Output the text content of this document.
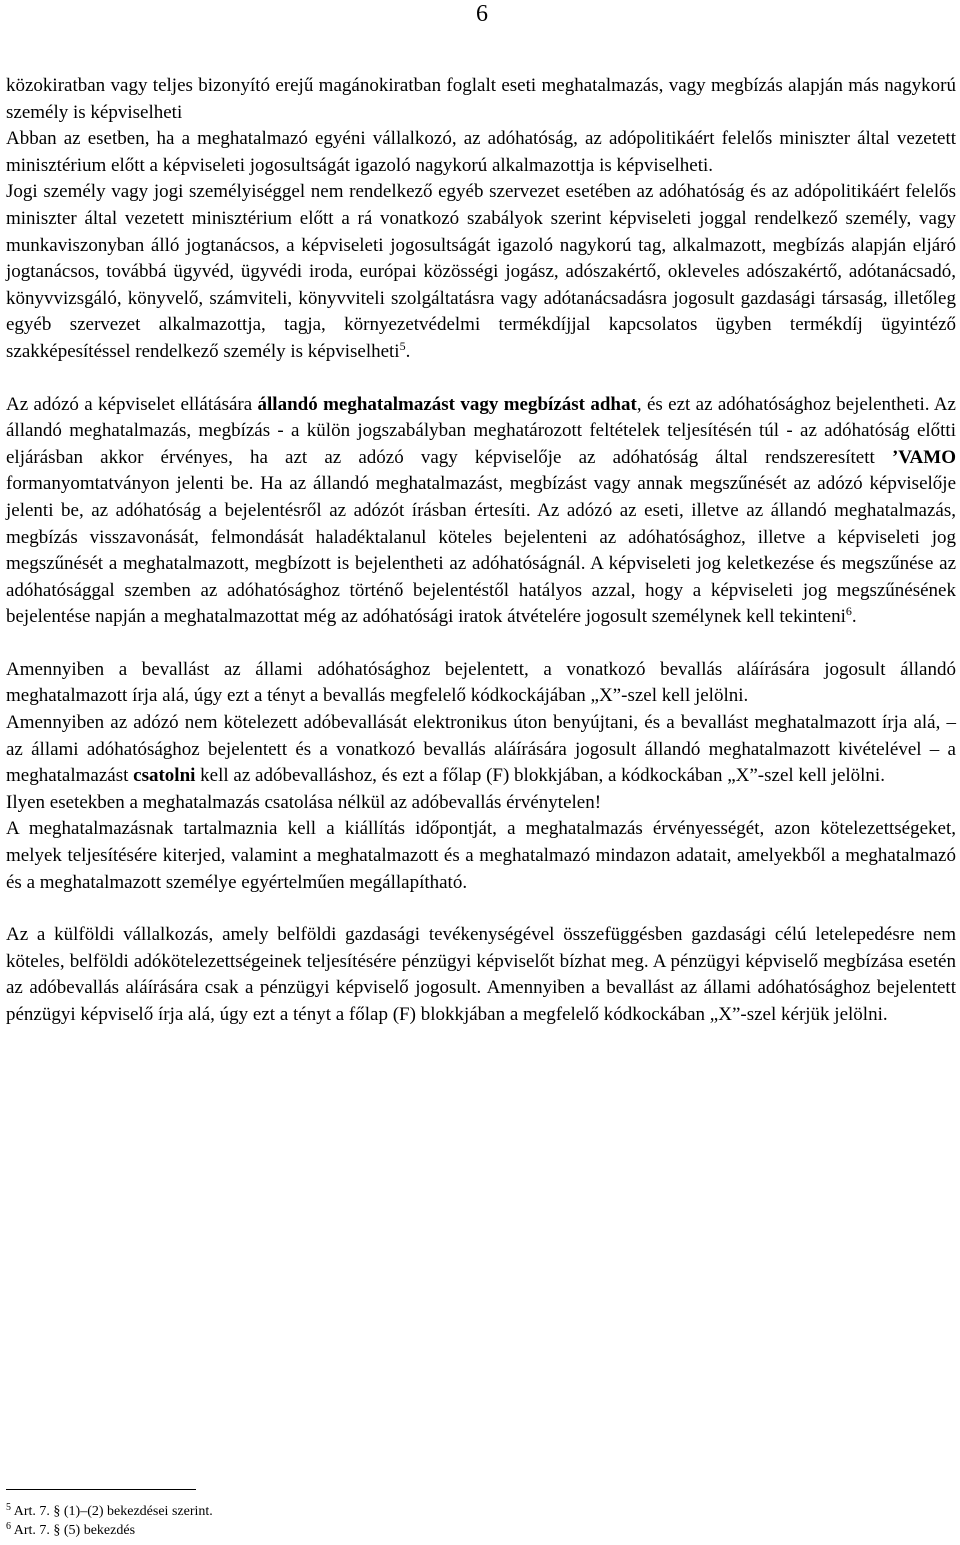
6

közokiratban vagy teljes bizonyító erejű magánokiratban foglalt eseti meghatalmazás, vagy megbízás alapján más nagykorú személy is képviselheti

Abban az esetben, ha a meghatalmazó egyéni vállalkozó, az adóhatóság, az adópolitikáért felelős miniszter által vezetett minisztérium előtt a képviseleti jogosultságát igazoló nagykorú alkalmazottja is képviselheti.

Jogi személy vagy jogi személyiséggel nem rendelkező egyéb szervezet esetében az adóhatóság és az adópolitikáért felelős miniszter által vezetett minisztérium előtt a rá vonatkozó szabályok szerint képviseleti joggal rendelkező személy, vagy munkaviszonyban álló jogtanácsos, a képviseleti jogosultságát igazoló nagykorú tag, alkalmazott, megbízás alapján eljáró jogtanácsos, továbbá ügyvéd, ügyvédi iroda, európai közösségi jogász, adószakértő, okleveles adószakértő, adótanácsadó, könyvvizsgáló, könyvelő, számviteli, könyvviteli szolgáltatásra vagy adótanácsadásra jogosult gazdasági társaság, illetőleg egyéb szervezet alkalmazottja, tagja, környezetvédelmi termékdíjjal kapcsolatos ügyben termékdíj ügyintéző szakképesítéssel rendelkező személy is képviselheti$^5$.

Az adózó a képviselet ellátására állandó meghatalmazást vagy megbízást adhat, és ezt az adóhatósághoz bejelentheti. Az állandó meghatalmazás, megbízás - a külön jogszabályban meghatározott feltételek teljesítésén túl - az adóhatóság előtti eljárásban akkor érvényes, ha azt az adózó vagy képviselője az adóhatóság által rendszeresített ’VAMO formanyomtatványon jelenti be. Ha az állandó meghatalmazást, megbízást vagy annak megszűnését az adózó képviselője jelenti be, az adóhatóság a bejelentésről az adózót írásban értesíti. Az adózó az eseti, illetve az állandó meghatalmazás, megbízás visszavonását, felmondását haladéktalanul köteles bejelenteni az adóhatósághoz, illetve a képviseleti jog megszűnését a meghatalmazott, megbízott is bejelentheti az adóhatóságnál. A képviseleti jog keletkezése és megszűnése az adóhatósággal szemben az adóhatósághoz történő bejelentéstől hatályos azzal, hogy a képviseleti jog megszűnésének bejelentése napján a meghatalmazottat még az adóhatósági iratok átvételére jogosult személynek kell tekinteni$^6$.

Amennyiben a bevallást az állami adóhatósághoz bejelentett, a vonatkozó bevallás aláírására jogosult állandó meghatalmazott írja alá, úgy ezt a tényt a bevallás megfelelő kódkockájában „X”-szel kell jelölni.

Amennyiben az adózó nem kötelezett adóbevallását elektronikus úton benyújtani, és a bevallást meghatalmazott írja alá, – az állami adóhatósághoz bejelentett és a vonatkozó bevallás aláírására jogosult állandó meghatalmazott kivételével – a meghatalmazást csatolni kell az adóbevalláshoz, és ezt a főlap (F) blokkjában, a kódkockában „X”-szel kell jelölni.

Ilyen esetekben a meghatalmazás csatolása nélkül az adóbevallás érvénytelen!

A meghatalmazásnak tartalmaznia kell a kiállítás időpontját, a meghatalmazás érvényességét, azon kötelezettségeket, melyek teljesítésére kiterjed, valamint a meghatalmazott és a meghatalmazó mindazon adatait, amelyekből a meghatalmazó és a meghatalmazott személye egyértelműen megállapítható.

Az a külföldi vállalkozás, amely belföldi gazdasági tevékenységével összefüggésben gazdasági célú letelepedésre nem köteles, belföldi adókötelezettségeinek teljesítésére pénzügyi képviselőt bízhat meg. A pénzügyi képviselő megbízása esetén az adóbevallás aláírására csak a pénzügyi képviselő jogosult. Amennyiben a bevallást az állami adóhatósághoz bejelentett pénzügyi képviselő írja alá, úgy ezt a tényt a főlap (F) blokkjában a megfelelő kódkockában „X”-szel kérjük jelölni.

$^5$ Art. 7. § (1)–(2) bekezdései szerint.
$^6$ Art. 7. § (5) bekezdés
